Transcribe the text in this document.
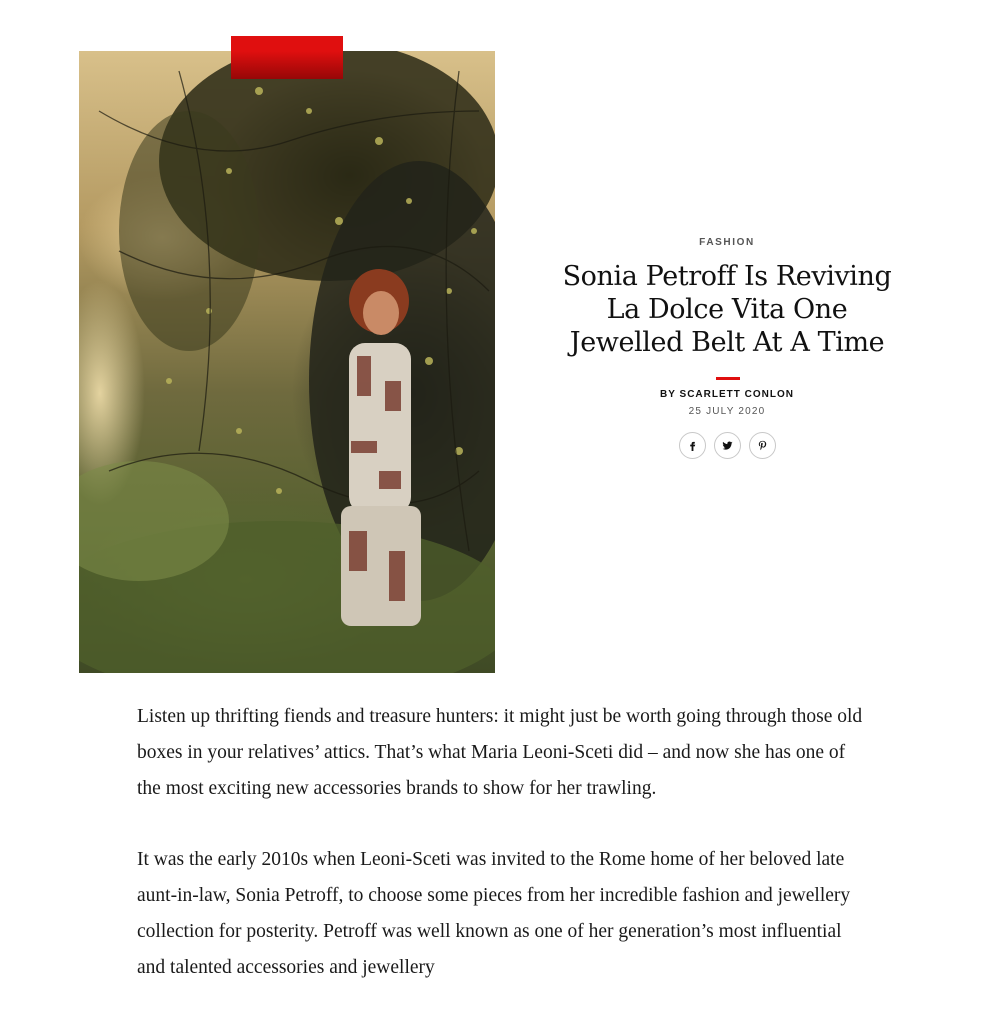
FASHION
Sonia Petroff Is Reviving La Dolce Vita One Jewelled Belt At A Time
BY SCARLETT CONLON
25 JULY 2020

Listen up thrifting fiends and treasure hunters: it might just be worth going through those old boxes in your relatives’ attics. That’s what Maria Leoni-Sceti did – and now she has one of the most exciting new accessories brands to show for her trawling.

It was the early 2010s when Leoni-Sceti was invited to the Rome home of her beloved late aunt-in-law, Sonia Petroff, to choose some pieces from her incredible fashion and jewellery collection for posterity. Petroff was well known as one of her generation’s most influential and talented accessories and jewellery
